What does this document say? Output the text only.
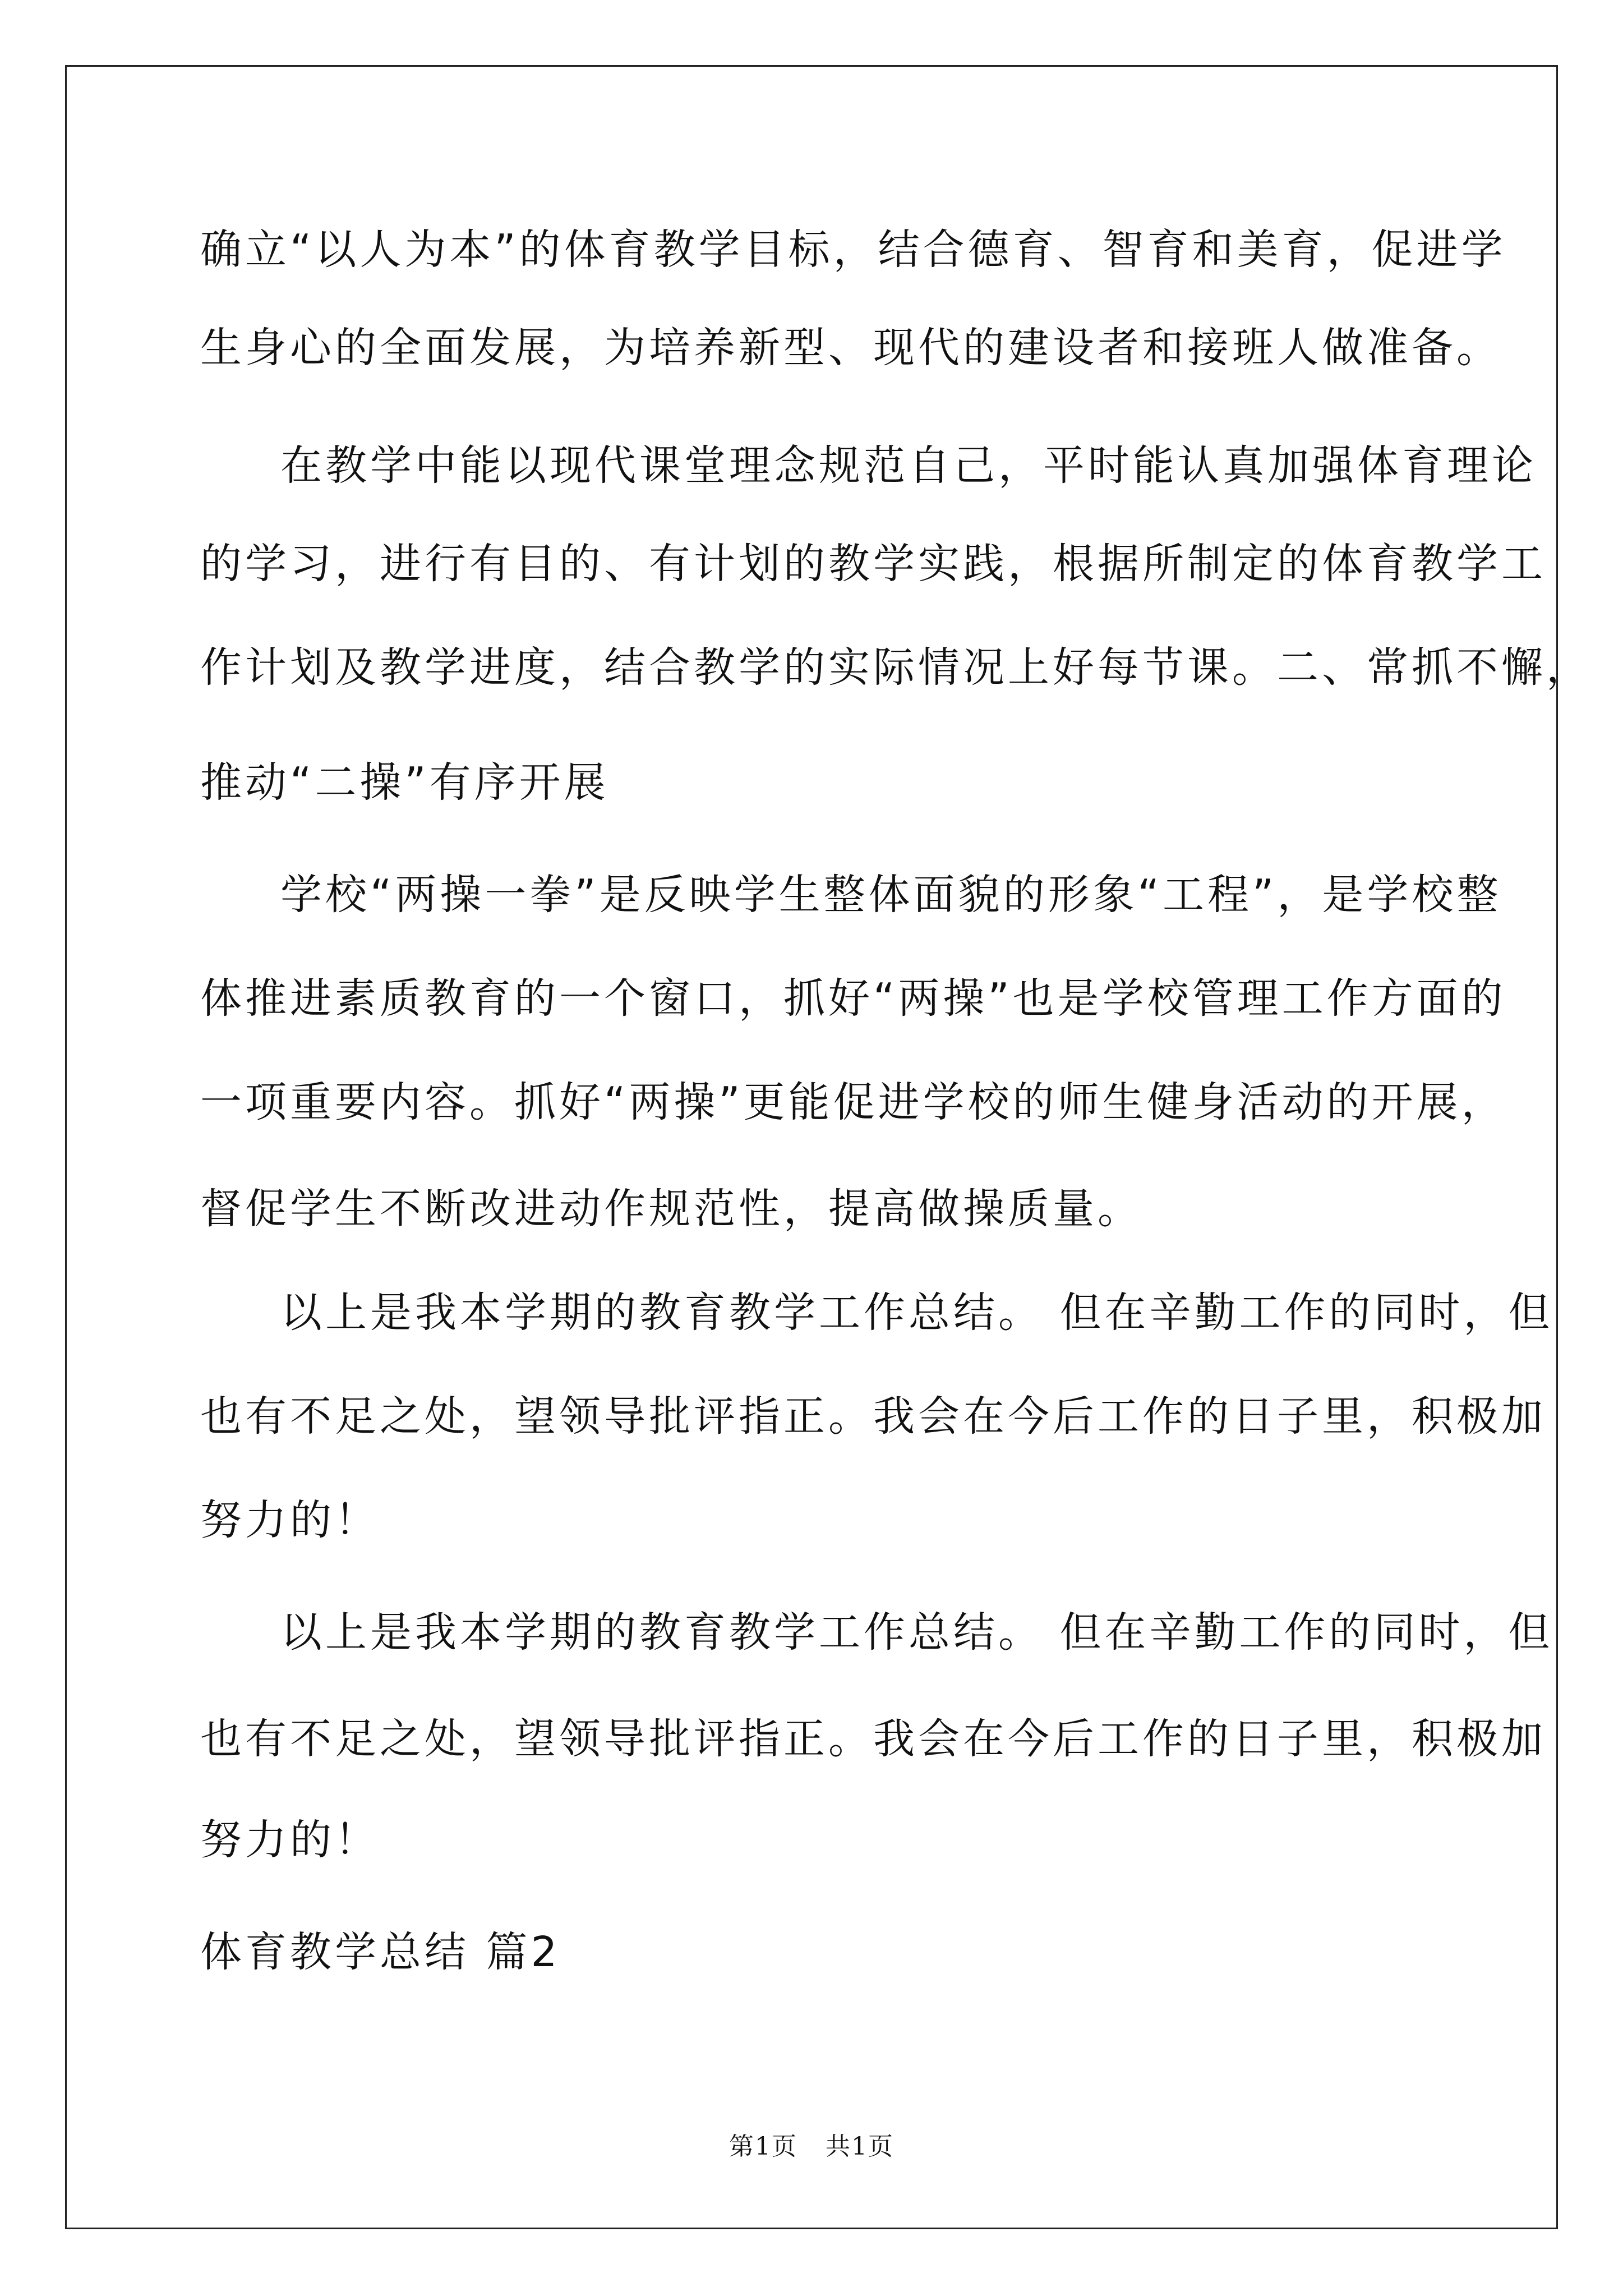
确立“以人为本”的体育教学目标，结合德育、智育和美育，促进学
生身心的全面发展，为培养新型、现代的建设者和接班人做准备。
在教学中能以现代课堂理念规范自己，平时能认真加强体育理论
的学习，进行有目的、有计划的教学实践，根据所制定的体育教学工
作计划及教学进度，结合教学的实际情况上好每节课。二、常抓不懈，
推动“二操”有序开展
学校“两操一拳”是反映学生整体面貌的形象“工程”，是学校整
体推进素质教育的一个窗口，抓好“两操”也是学校管理工作方面的
一项重要内容。抓好“两操”更能促进学校的师生健身活动的开展，
督促学生不断改进动作规范性，提高做操质量。
以上是我本学期的教育教学工作总结。 但在辛勤工作的同时，但
也有不足之处，望领导批评指正。我会在今后工作的日子里，积极加
努力的！
以上是我本学期的教育教学工作总结。 但在辛勤工作的同时，但
也有不足之处，望领导批评指正。我会在今后工作的日子里，积极加
努力的！
体育教学总结 篇2
第1页 共1页
